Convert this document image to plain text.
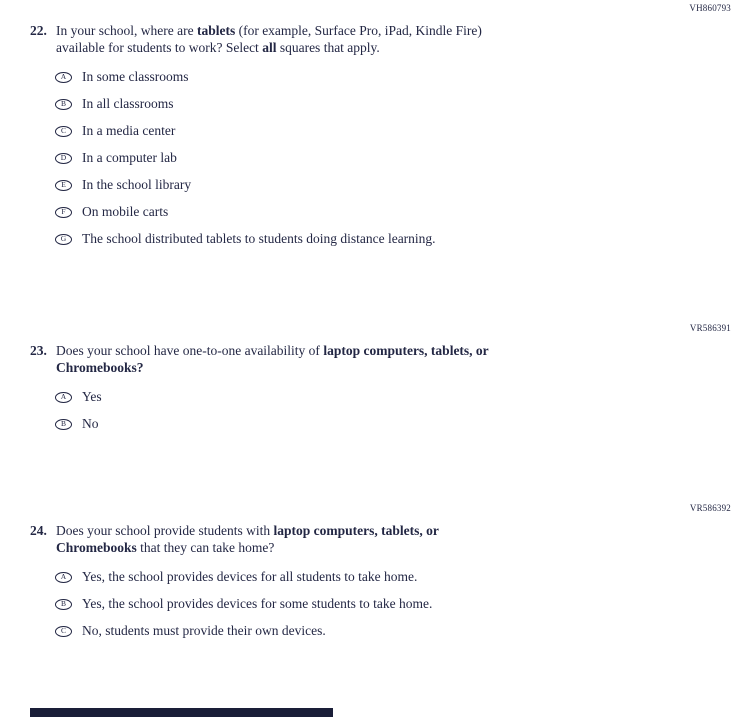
VH860793
22. In your school, where are tablets (for example, Surface Pro, iPad, Kindle Fire)
available for students to work? Select all squares that apply.
A	In some classrooms
B	In all classrooms
C	In a media center
D	In a computer lab
E	In the school library
F	On mobile carts
G	The school distributed tablets to students doing distance learning.
VR586391
23. Does your school have one-to-one availability of laptop computers, tablets, or
Chromebooks?
A	Yes
B	No
VR586392
24. Does your school provide students with laptop computers, tablets, or
Chromebooks that they can take home?
A	Yes, the school provides devices for all students to take home.
B	Yes, the school provides devices for some students to take home.
C	No, students must provide their own devices.
